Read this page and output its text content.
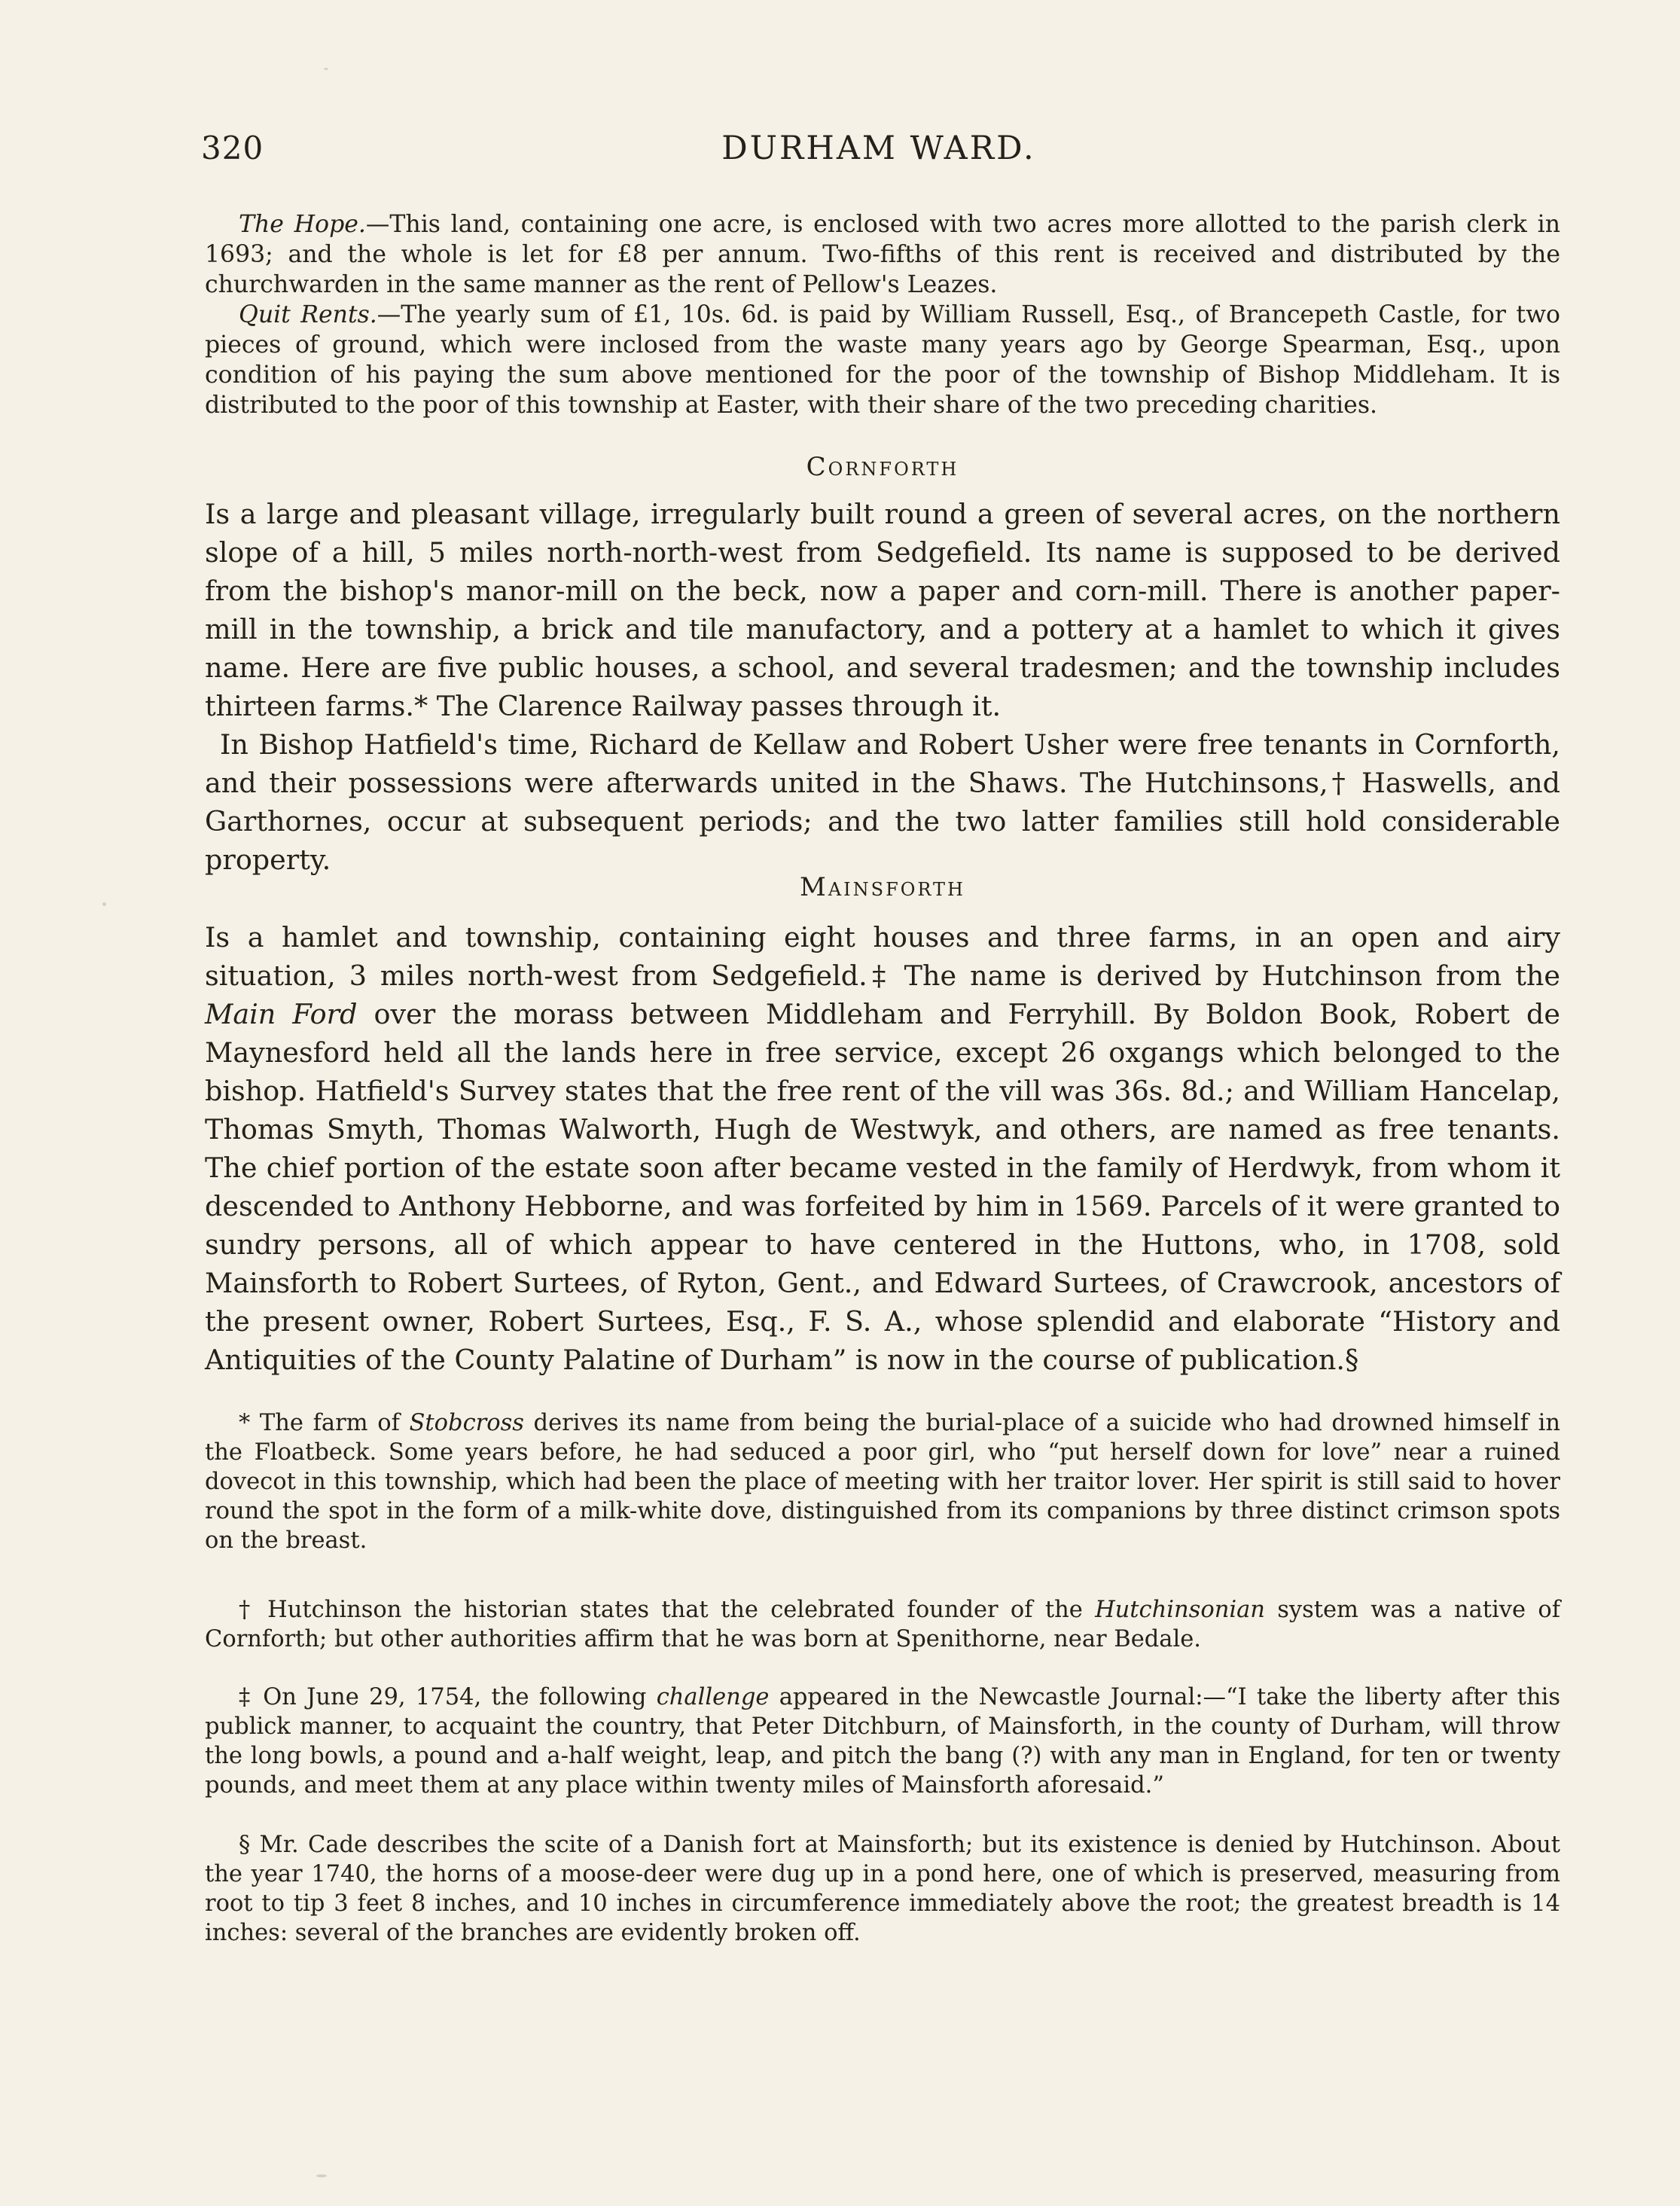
320	DURHAM WARD.

The Hope.—This land, containing one acre, is enclosed with two acres more allotted to the parish clerk in 1693; and the whole is let for £8 per annum. Two-fifths of this rent is received and distributed by the churchwarden in the same manner as the rent of Pellow's Leazes.

Quit Rents.—The yearly sum of £1, 10s. 6d. is paid by William Russell, Esq., of Brancepeth Castle, for two pieces of ground, which were inclosed from the waste many years ago by George Spearman, Esq., upon condition of his paying the sum above mentioned for the poor of the township of Bishop Middleham. It is distributed to the poor of this township at Easter, with their share of the two preceding charities.

Cornforth

Is a large and pleasant village, irregularly built round a green of several acres, on the northern slope of a hill, 5 miles north-north-west from Sedgefield. Its name is supposed to be derived from the bishop's manor-mill on the beck, now a paper and corn-mill. There is another paper-mill in the township, a brick and tile manufactory, and a pottery at a hamlet to which it gives name. Here are five public houses, a school, and several tradesmen; and the township includes thirteen farms.* The Clarence Railway passes through it.

In Bishop Hatfield's time, Richard de Kellaw and Robert Usher were free tenants in Cornforth, and their possessions were afterwards united in the Shaws. The Hutchinsons,† Haswells, and Garthornes, occur at subsequent periods; and the two latter families still hold considerable property.

Mainsforth

Is a hamlet and township, containing eight houses and three farms, in an open and airy situation, 3 miles north-west from Sedgefield.‡ The name is derived by Hutchinson from the Main Ford over the morass between Middleham and Ferryhill. By Boldon Book, Robert de Maynesford held all the lands here in free service, except 26 oxgangs which belonged to the bishop. Hatfield's Survey states that the free rent of the vill was 36s. 8d.; and William Hancelap, Thomas Smyth, Thomas Walworth, Hugh de Westwyk, and others, are named as free tenants. The chief portion of the estate soon after became vested in the family of Herdwyk, from whom it descended to Anthony Hebborne, and was forfeited by him in 1569. Parcels of it were granted to sundry persons, all of which appear to have centered in the Huttons, who, in 1708, sold Mainsforth to Robert Surtees, of Ryton, Gent., and Edward Surtees, of Crawcrook, ancestors of the present owner, Robert Surtees, Esq., F. S. A., whose splendid and elaborate “History and Antiquities of the County Palatine of Durham” is now in the course of publication.§

* The farm of Stobcross derives its name from being the burial-place of a suicide who had drowned himself in the Floatbeck. Some years before, he had seduced a poor girl, who “put herself down for love” near a ruined dovecot in this township, which had been the place of meeting with her traitor lover. Her spirit is still said to hover round the spot in the form of a milk-white dove, distinguished from its companions by three distinct crimson spots on the breast.

† Hutchinson the historian states that the celebrated founder of the Hutchinsonian system was a native of Cornforth; but other authorities affirm that he was born at Spenithorne, near Bedale.

‡ On June 29, 1754, the following challenge appeared in the Newcastle Journal:—“I take the liberty after this publick manner, to acquaint the country, that Peter Ditchburn, of Mainsforth, in the county of Durham, will throw the long bowls, a pound and a-half weight, leap, and pitch the bang (?) with any man in England, for ten or twenty pounds, and meet them at any place within twenty miles of Mainsforth aforesaid.”

§ Mr. Cade describes the scite of a Danish fort at Mainsforth; but its existence is denied by Hutchinson. About the year 1740, the horns of a moose-deer were dug up in a pond here, one of which is preserved, measuring from root to tip 3 feet 8 inches, and 10 inches in circumference immediately above the root; the greatest breadth is 14 inches: several of the branches are evidently broken off.
